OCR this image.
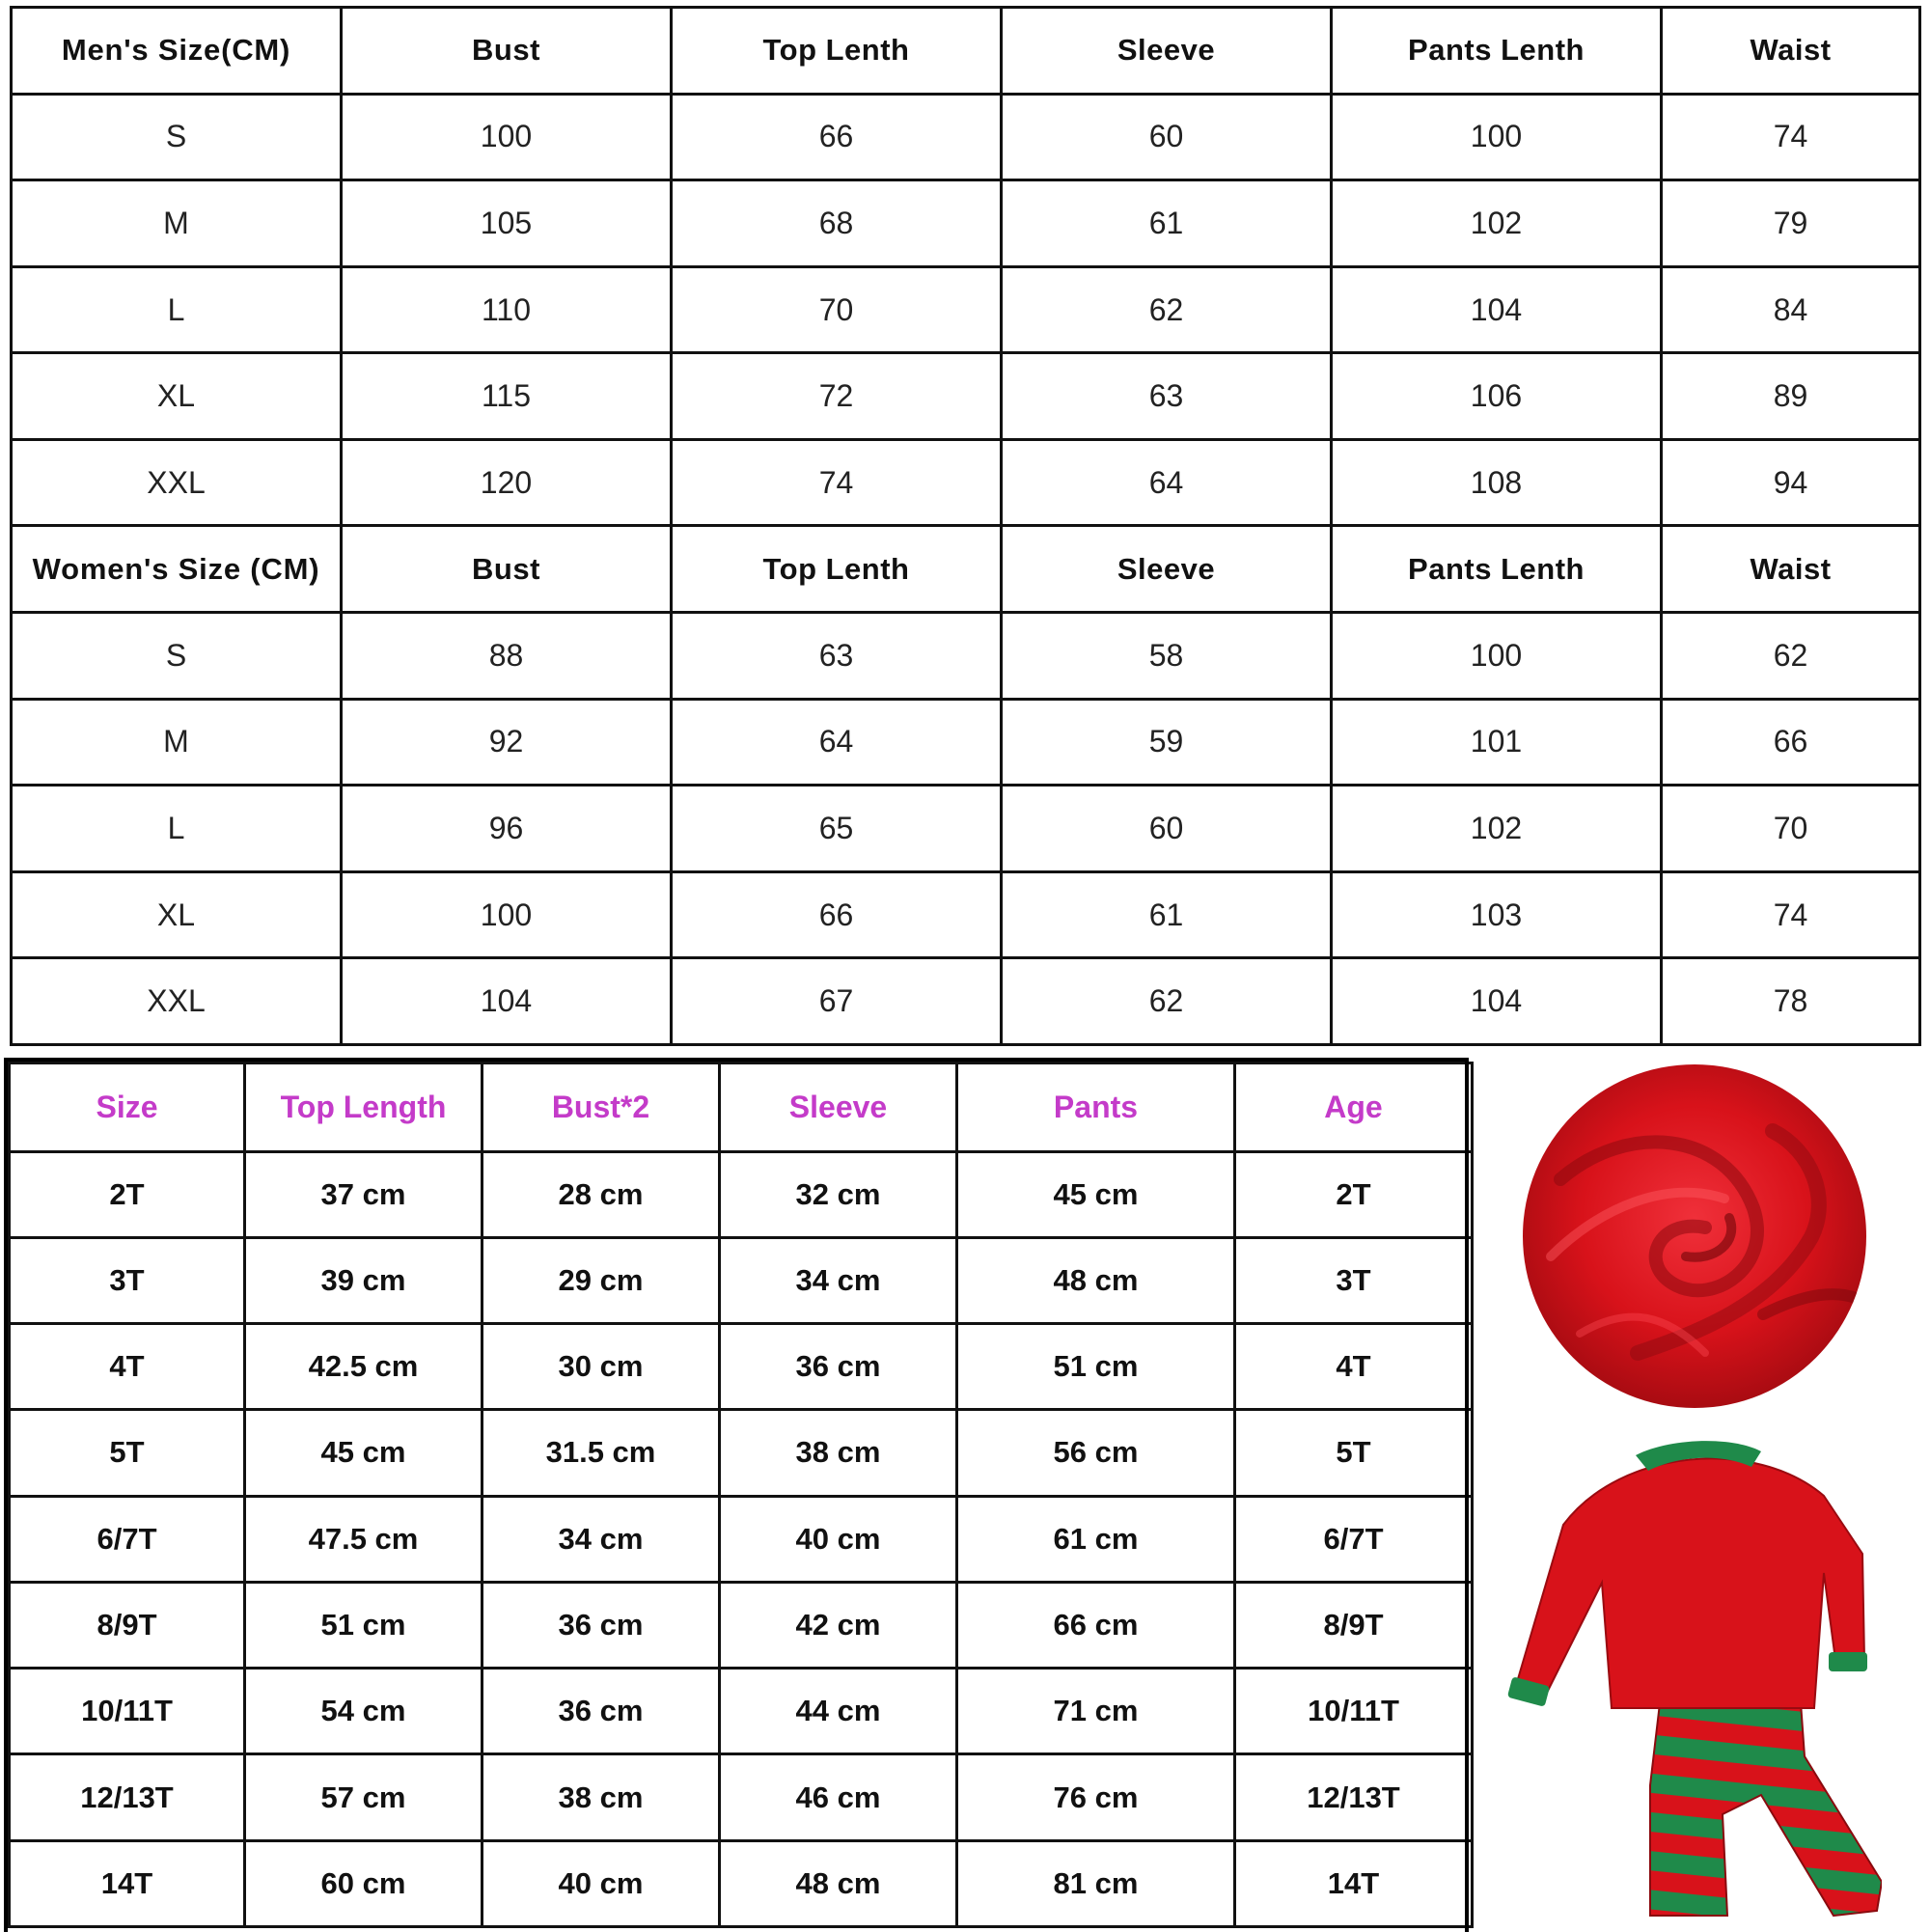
Men's Size(CM)	Bust	Top Lenth	Sleeve	Pants Lenth	Waist
S	100	66	60	100	74
M	105	68	61	102	79
L	110	70	62	104	84
XL	115	72	63	106	89
XXL	120	74	64	108	94
Women's Size (CM)	Bust	Top Lenth	Sleeve	Pants Lenth	Waist
S	88	63	58	100	62
M	92	64	59	101	66
L	96	65	60	102	70
XL	100	66	61	103	74
XXL	104	67	62	104	78
Size	Top Length	Bust*2	Sleeve	Pants	Age
2T	37 cm	28 cm	32 cm	45 cm	2T
3T	39 cm	29 cm	34 cm	48 cm	3T
4T	42.5 cm	30 cm	36 cm	51 cm	4T
5T	45 cm	31.5 cm	38 cm	56 cm	5T
6/7T	47.5 cm	34 cm	40 cm	61 cm	6/7T
8/9T	51 cm	36 cm	42 cm	66 cm	8/9T
10/11T	54 cm	36 cm	44 cm	71 cm	10/11T
12/13T	57 cm	38 cm	46 cm	76 cm	12/13T
14T	60 cm	40 cm	48 cm	81 cm	14T
